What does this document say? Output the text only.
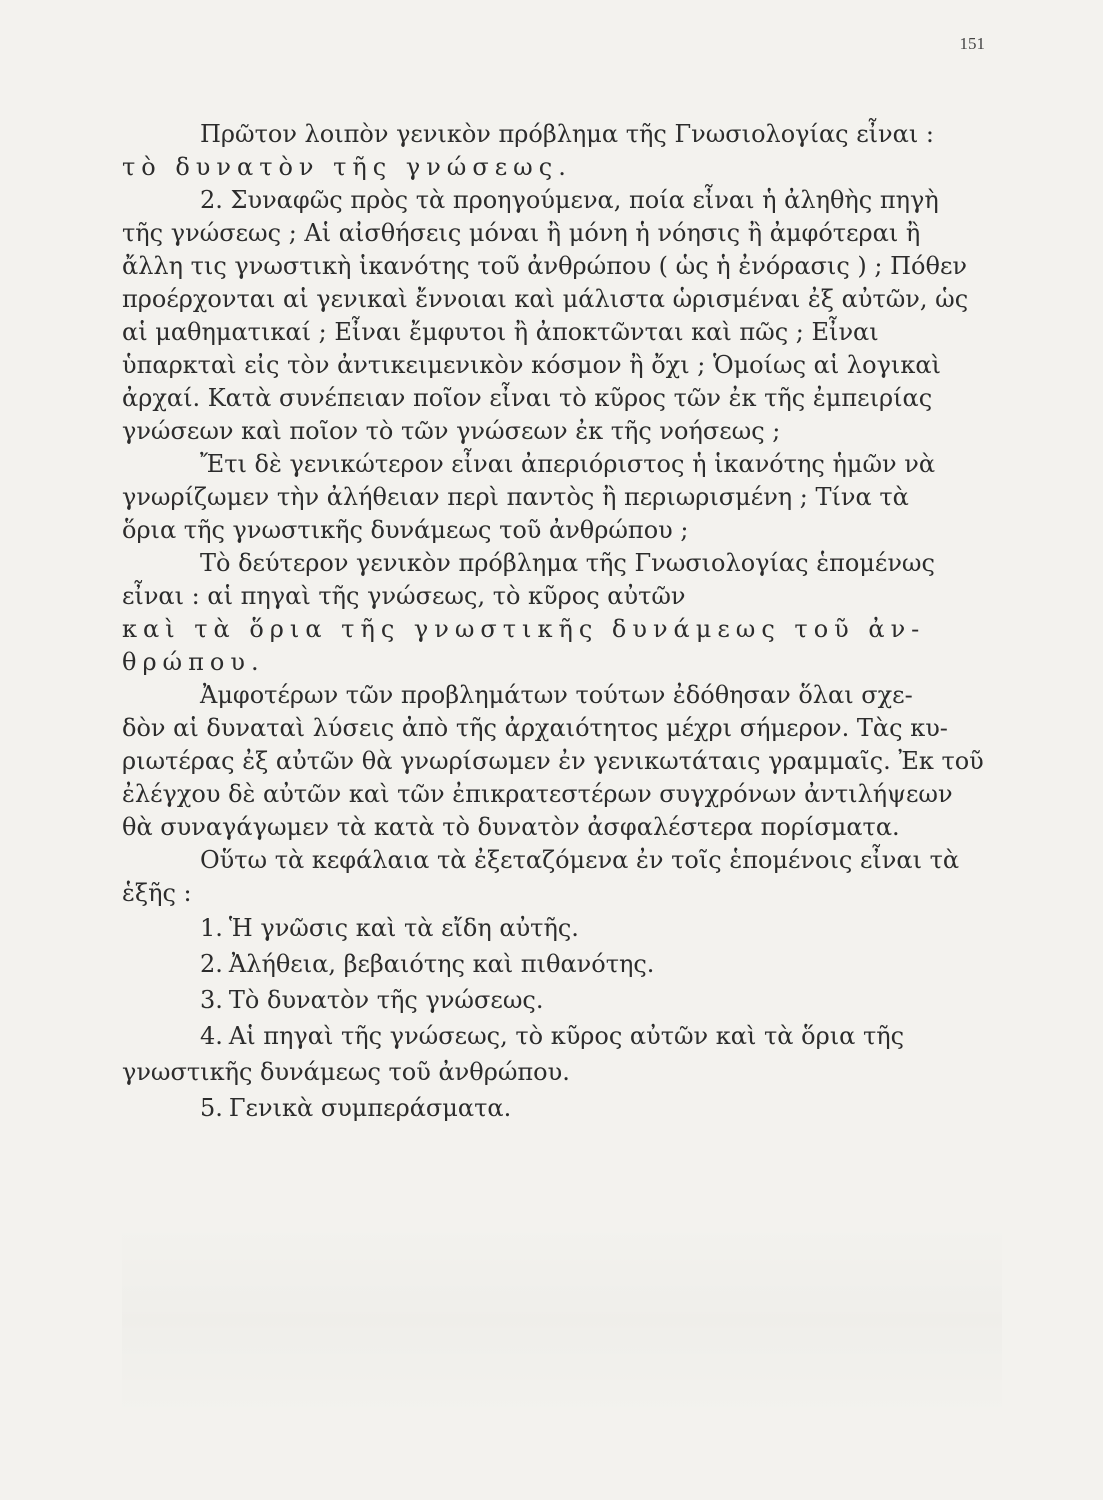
151
Πρῶτον λοιπὸν γενικὸν πρόβλημα τῆς Γνωσιολογίας εἶναι :
τὸ δυνατὸν τῆς γνώσεως.
2. Συναφῶς πρὸς τὰ προηγούμενα, ποία εἶναι ἡ ἀληθὴς πηγὴ
τῆς γνώσεως ; Αἱ αἰσθήσεις μόναι ἢ μόνη ἡ νόησις ἢ ἀμφότεραι ἢ
ἄλλη τις γνωστικὴ ἱκανότης τοῦ ἀνθρώπου ( ὡς ἡ ἐνόρασις ) ; Πόθεν
προέρχονται αἱ γενικαὶ ἔννοιαι καὶ μάλιστα ὡρισμέναι ἐξ αὐτῶν, ὡς
αἱ μαθηματικαί ; Εἶναι ἔμφυτοι ἢ ἀποκτῶνται καὶ πῶς ; Εἶναι
ὑπαρκταὶ εἰς τὸν ἀντικειμενικὸν κόσμον ἢ ὄχι ; Ὁμοίως αἱ λογικαὶ
ἀρχαί. Κατὰ συνέπειαν ποῖον εἶναι τὸ κῦρος τῶν ἐκ τῆς ἐμπειρίας
γνώσεων καὶ ποῖον τὸ τῶν γνώσεων ἐκ τῆς νοήσεως ;
Ἔτι δὲ γενικώτερον εἶναι ἀπεριόριστος ἡ ἱκανότης ἡμῶν νὰ
γνωρίζωμεν τὴν ἀλήθειαν περὶ παντὸς ἢ περιωρισμένη ; Τίνα τὰ
ὅρια τῆς γνωστικῆς δυνάμεως τοῦ ἀνθρώπου ;
Τὸ δεύτερον γενικὸν πρόβλημα τῆς Γνωσιολογίας ἑπομένως
εἶναι : αἱ πηγαὶ τῆς γνώσεως, τὸ κῦρος αὐτῶν
καὶ τὰ ὅρια τῆς γνωστικῆς δυνάμεως τοῦ ἀν-
θρώπου.
Ἀμφοτέρων τῶν προβλημάτων τούτων ἐδόθησαν ὅλαι σχε-
δὸν αἱ δυναταὶ λύσεις ἀπὸ τῆς ἀρχαιότητος μέχρι σήμερον. Τὰς κυ-
ριωτέρας ἐξ αὐτῶν θὰ γνωρίσωμεν ἐν γενικωτάταις γραμμαῖς. Ἐκ τοῦ
ἐλέγχου δὲ αὐτῶν καὶ τῶν ἐπικρατεστέρων συγχρόνων ἀντιλήψεων
θὰ συναγάγωμεν τὰ κατὰ τὸ δυνατὸν ἀσφαλέστερα πορίσματα.
Οὕτω τὰ κεφάλαια τὰ ἐξεταζόμενα ἐν τοῖς ἑπομένοις εἶναι τὰ
ἑξῆς :
1. Ἡ γνῶσις καὶ τὰ εἴδη αὐτῆς.
2. Ἀλήθεια, βεβαιότης καὶ πιθανότης.
3. Τὸ δυνατὸν τῆς γνώσεως.
4. Αἱ πηγαὶ τῆς γνώσεως, τὸ κῦρος αὐτῶν καὶ τὰ ὅρια τῆς
γνωστικῆς δυνάμεως τοῦ ἀνθρώπου.
5. Γενικὰ συμπεράσματα.
